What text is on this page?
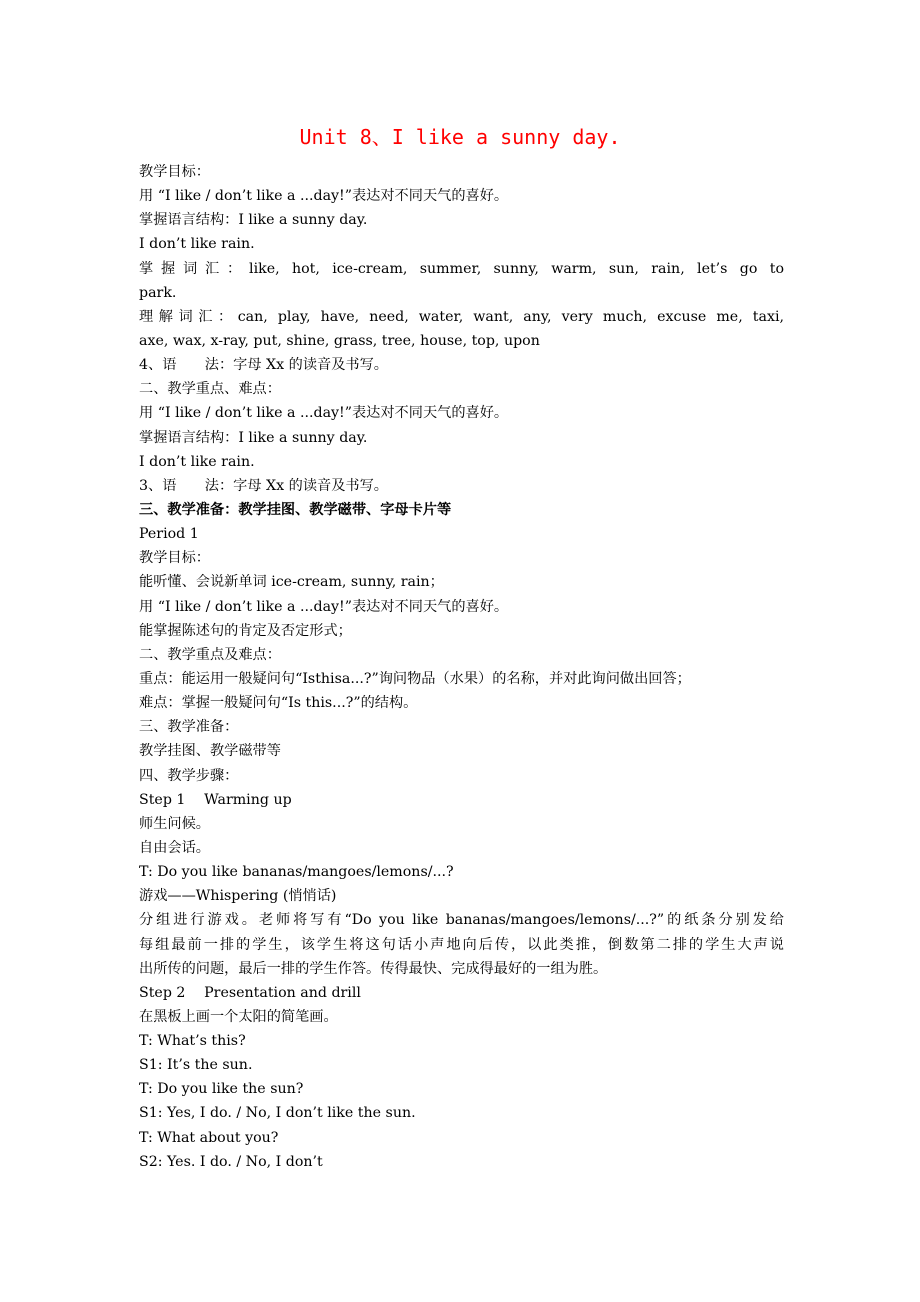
Unit 8、I like a sunny day.
教学目标：
用 “I like / don’t like a ...day!”表达对不同天气的喜好。
掌握语言结构：I like a sunny day.
I don’t like rain.
掌握词汇：like, hot, ice-cream, summer, sunny, warm, sun, rain, let’s go to
park.
理解词汇：can, play, have, need, water, want, any, very much, excuse me, taxi,
axe, wax, x-ray, put, shine, grass, tree, house, top, upon
4、语　　法：字母 Xx 的读音及书写。
二、教学重点、难点：
用 “I like / don’t like a ...day!”表达对不同天气的喜好。
掌握语言结构：I like a sunny day.
I don’t like rain.
3、语　　法：字母 Xx 的读音及书写。
三、教学准备：教学挂图、教学磁带、字母卡片等
Period 1
教学目标：
能听懂、会说新单词 ice-cream, sunny, rain；
用 “I like / don’t like a ...day!”表达对不同天气的喜好。
能掌握陈述句的肯定及否定形式；
二、教学重点及难点：
重点：能运用一般疑问句“Isthisa...?”询问物品（水果）的名称，并对此询问做出回答；
难点：掌握一般疑问句“Is this...?”的结构。
三、教学准备：
教学挂图、教学磁带等
四、教学步骤：
Step 1　 Warming up
师生问候。
自由会话。
T: Do you like bananas/mangoes/lemons/...?
游戏——Whispering (悄悄话)
分组进行游戏。老师将写有“Do you like bananas/mangoes/lemons/...?”的纸条分别发给
每组最前一排的学生，该学生将这句话小声地向后传，以此类推，倒数第二排的学生大声说
出所传的问题，最后一排的学生作答。传得最快、完成得最好的一组为胜。
Step 2　 Presentation and drill
在黑板上画一个太阳的简笔画。
T: What’s this?
S1: It’s the sun.
T: Do you like the sun?
S1: Yes, I do. / No, I don’t like the sun.
T: What about you?
S2: Yes. I do. / No, I don’t
